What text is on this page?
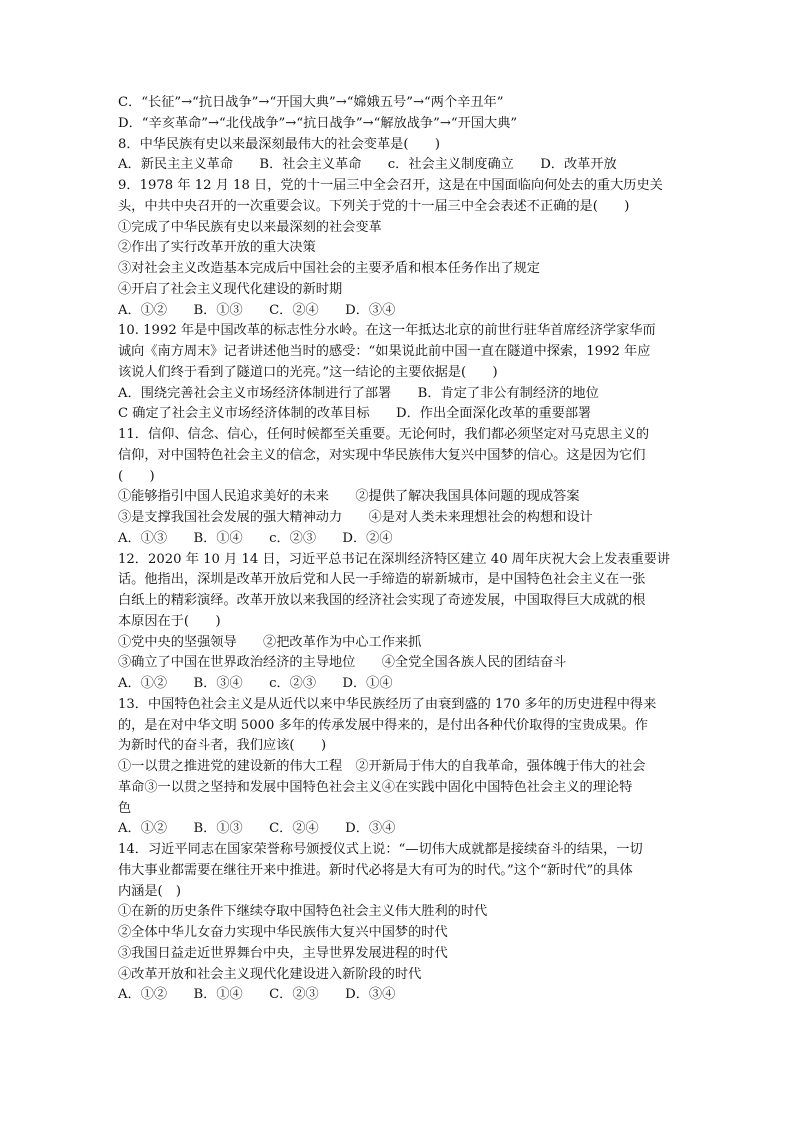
C．“长征”→“抗日战争”→“开国大典”→“嫦娥五号”→“两个辛丑年”
D．“辛亥革命”→“北伐战争”→“抗日战争”→“解放战争”→“开国大典”
8．中华民族有史以来最深刻最伟大的社会变革是(　　)
A．新民主主义革命　　B．社会主义革命　　c．社会主义制度确立　　D．改革开放
9．1978 年 12 月 18 日，党的十一届三中全会召开，这是在中国面临向何处去的重大历史关
头，中共中央召开的一次重要会议。下列关于党的十一届三中全会表述不正确的是(　　)
①完成了中华民族有史以来最深刻的社会变革
②作出了实行改革开放的重大决策
③对社会主义改造基本完成后中国社会的主要矛盾和根本任务作出了规定
④开启了社会主义现代化建设的新时期
A．①②　　B．①③　　C．②④　　D．③④
10. 1992 年是中国改革的标志性分水岭。在这一年抵达北京的前世行驻华首席经济学家华而
诚向《南方周末》记者讲述他当时的感受：“如果说此前中国一直在隧道中探索，1992 年应
该说人们终于看到了隧道口的光亮。”这一结论的主要依据是(　　)
A．围绕完善社会主义市场经济体制进行了部署　　B．肯定了非公有制经济的地位
C 确定了社会主义市场经济体制的改革目标　　D．作出全面深化改革的重要部署
11．信仰、信念、信心，任何时候都至关重要。无论何时，我们都必须坚定对马克思主义的
信仰，对中国特色社会主义的信念，对实现中华民族伟大复兴中国梦的信心。这是因为它们
(　　)
①能够指引中国人民追求美好的未来　　②提供了解决我国具体问题的现成答案
③是支撑我国社会发展的强大精神动力　　④是对人类未来理想社会的构想和设计
A．①③　　B．①④　　c．②③　　D．②④
12．2020 年 10 月 14 日，习近平总书记在深圳经济特区建立 40 周年庆祝大会上发表重要讲
话。他指出，深圳是改革开放后党和人民一手缔造的崭新城市，是中国特色社会主义在一张
白纸上的精彩演绎。改革开放以来我国的经济社会实现了奇迹发展，中国取得巨大成就的根
本原因在于(　　)
①党中央的坚强领导　　②把改革作为中心工作来抓
③确立了中国在世界政治经济的主导地位　　④全党全国各族人民的团结奋斗
A．①②　　B．③④　　c．②③　　D．①④
13．中国特色社会主义是从近代以来中华民族经历了由衰到盛的 170 多年的历史进程中得来
的，是在对中华文明 5000 多年的传承发展中得来的，是付出各种代价取得的宝贵成果。作
为新时代的奋斗者，我们应该(　　)
①一以贯之推进党的建设新的伟大工程　②开新局于伟大的自我革命，强体魄于伟大的社会
革命③一以贯之坚持和发展中国特色社会主义④在实践中固化中国特色社会主义的理论特
色
A．①②　　B．①③　　C．②④　　D．③④
14．习近平同志在国家荣誉称号颁授仪式上说：“—切伟大成就都是接续奋斗的结果，一切
伟大事业都需要在继往开来中推进。新时代必将是大有可为的时代。”这个“新时代”的具体
内涵是(　)
①在新的历史条件下继续夺取中国特色社会主义伟大胜利的时代
②全体中华儿女奋力实现中华民族伟大复兴中国梦的时代
③我国日益走近世界舞台中央，主导世界发展进程的时代
④改革开放和社会主义现代化建设进入新阶段的时代
A．①②　　B．①④　　C．②③　　D．③④
